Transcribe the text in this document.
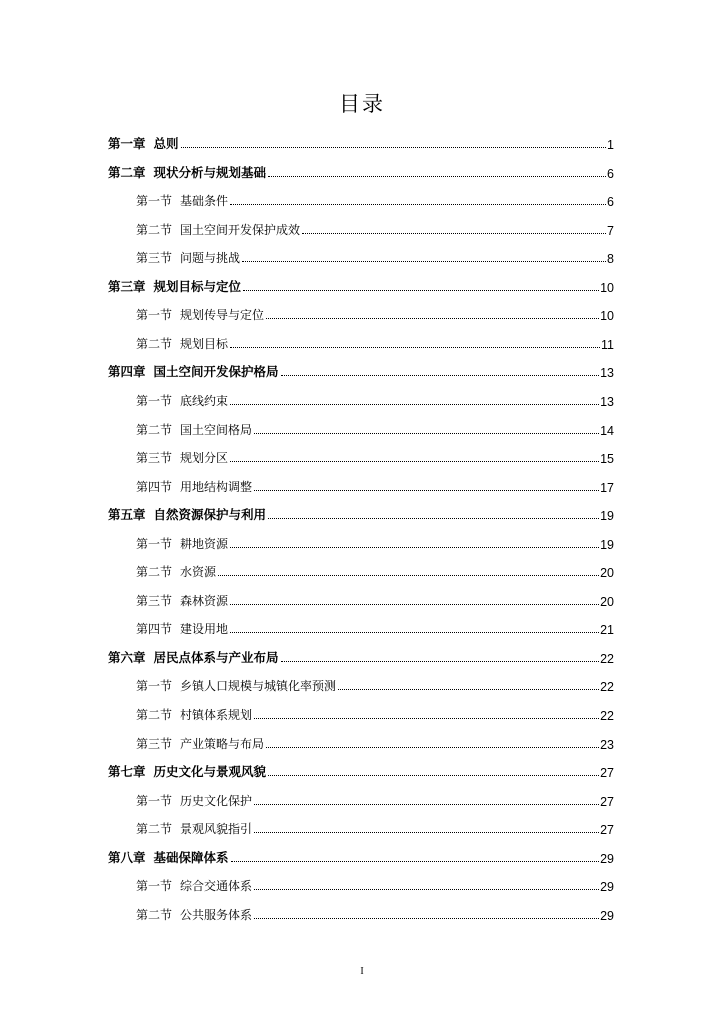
目录
第一章 总则	1
第二章 现状分析与规划基础	6
第一节 基础条件	6
第二节 国土空间开发保护成效	7
第三节 问题与挑战	8
第三章 规划目标与定位	10
第一节 规划传导与定位	10
第二节 规划目标	11
第四章 国土空间开发保护格局	13
第一节 底线约束	13
第二节 国土空间格局	14
第三节 规划分区	15
第四节 用地结构调整	17
第五章 自然资源保护与利用	19
第一节 耕地资源	19
第二节 水资源	20
第三节 森林资源	20
第四节 建设用地	21
第六章 居民点体系与产业布局	22
第一节 乡镇人口规模与城镇化率预测	22
第二节 村镇体系规划	22
第三节 产业策略与布局	23
第七章 历史文化与景观风貌	27
第一节 历史文化保护	27
第二节 景观风貌指引	27
第八章 基础保障体系	29
第一节 综合交通体系	29
第二节 公共服务体系	29
I
